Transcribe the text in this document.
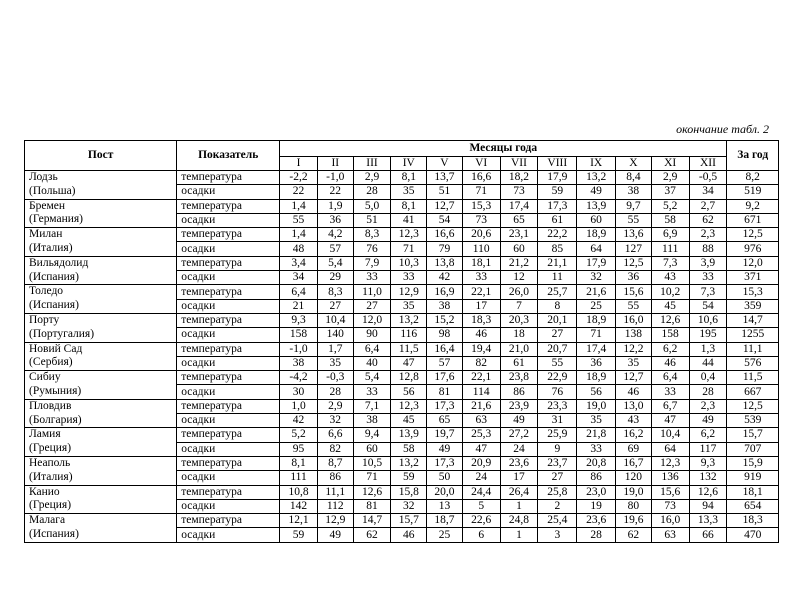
окончание табл. 2
Пост	Показатель	Месяцы года												За год
		I	II	III	IV	V	VI	VII	VIII	IX	X	XI	XII	
Лодзь	температура	-2,2	-1,0	2,9	8,1	13,7	16,6	18,2	17,9	13,2	8,4	2,9	-0,5	8,2
(Польша)	осадки	22	22	28	35	51	71	73	59	49	38	37	34	519
Бремен	температура	1,4	1,9	5,0	8,1	12,7	15,3	17,4	17,3	13,9	9,7	5,2	2,7	9,2
(Германия)	осадки	55	36	51	41	54	73	65	61	60	55	58	62	671
Милан	температура	1,4	4,2	8,3	12,3	16,6	20,6	23,1	22,2	18,9	13,6	6,9	2,3	12,5
(Италия)	осадки	48	57	76	71	79	110	60	85	64	127	111	88	976
Вильядолид	температура	3,4	5,4	7,9	10,3	13,8	18,1	21,2	21,1	17,9	12,5	7,3	3,9	12,0
(Испания)	осадки	34	29	33	33	42	33	12	11	32	36	43	33	371
Толедо	температура	6,4	8,3	11,0	12,9	16,9	22,1	26,0	25,7	21,6	15,6	10,2	7,3	15,3
(Испания)	осадки	21	27	27	35	38	17	7	8	25	55	45	54	359
Порту	температура	9,3	10,4	12,0	13,2	15,2	18,3	20,3	20,1	18,9	16,0	12,6	10,6	14,7
(Португалия)	осадки	158	140	90	116	98	46	18	27	71	138	158	195	1255
Новий Сад	температура	-1,0	1,7	6,4	11,5	16,4	19,4	21,0	20,7	17,4	12,2	6,2	1,3	11,1
(Сербия)	осадки	38	35	40	47	57	82	61	55	36	35	46	44	576
Сибиу	температура	-4,2	-0,3	5,4	12,8	17,6	22,1	23,8	22,9	18,9	12,7	6,4	0,4	11,5
(Румыния)	осадки	30	28	33	56	81	114	86	76	56	46	33	28	667
Пловдив	температура	1,0	2,9	7,1	12,3	17,3	21,6	23,9	23,3	19,0	13,0	6,7	2,3	12,5
(Болгария)	осадки	42	32	38	45	65	63	49	31	35	43	47	49	539
Ламия	температура	5,2	6,6	9,4	13,9	19,7	25,3	27,2	25,9	21,8	16,2	10,4	6,2	15,7
(Греция)	осадки	95	82	60	58	49	47	24	9	33	69	64	117	707
Неаполь	температура	8,1	8,7	10,5	13,2	17,3	20,9	23,6	23,7	20,8	16,7	12,3	9,3	15,9
(Италия)	осадки	111	86	71	59	50	24	17	27	86	120	136	132	919
Канио	температура	10,8	11,1	12,6	15,8	20,0	24,4	26,4	25,8	23,0	19,0	15,6	12,6	18,1
(Греция)	осадки	142	112	81	32	13	5	1	2	19	80	73	94	654
Малага	температура	12,1	12,9	14,7	15,7	18,7	22,6	24,8	25,4	23,6	19,6	16,0	13,3	18,3
(Испания)	осадки	59	49	62	46	25	6	1	3	28	62	63	66	470
